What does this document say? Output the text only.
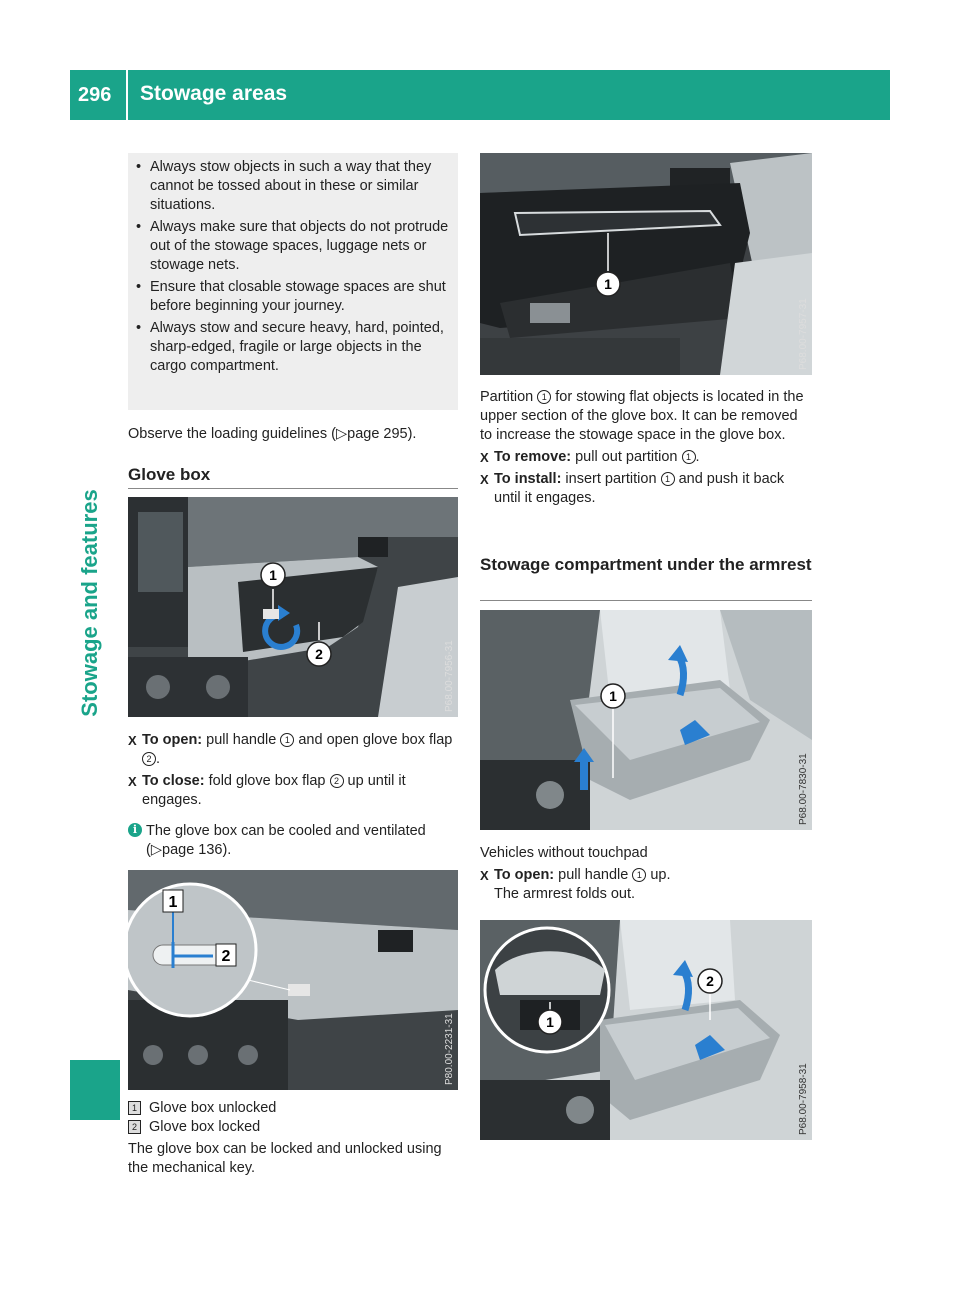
296 Stowage areas
Stowage and features
• Always stow objects in such a way that they cannot be tossed about in these or similar situations.
• Always make sure that objects do not protrude out of the stowage spaces, luggage nets or stowage nets.
• Ensure that closable stowage spaces are shut before beginning your journey.
• Always stow and secure heavy, hard, pointed, sharp-edged, fragile or large objects in the cargo compartment.

Observe the loading guidelines (▷page 295).

Glove box
1
2	P68.00-7956-31

X To open: pull handle 1 and open glove box flap 2 .

X To close: fold glove box flap 2 up until it engages.

i The glove box can be cooled and ventilated (▷page 136).

1
2
P80.00-2231-31

1 Glove box unlocked

2 Glove box locked

The glove box can be locked and unlocked using the mechanical key.

1
P68.00-7957-31

Partition 1 for stowing flat objects is located in the upper section of the glove box. It can be removed to increase the stowage space in the glove box.

X To remove: pull out partition 1 .

X To install: insert partition 1 and push it back until it engages.

Stowage compartment under the armrest
1
P68.00-7830-31

Vehicles without touchpad

X To open: pull handle 1 up.

The armrest folds out.

2
1
P68.00-7958-31
